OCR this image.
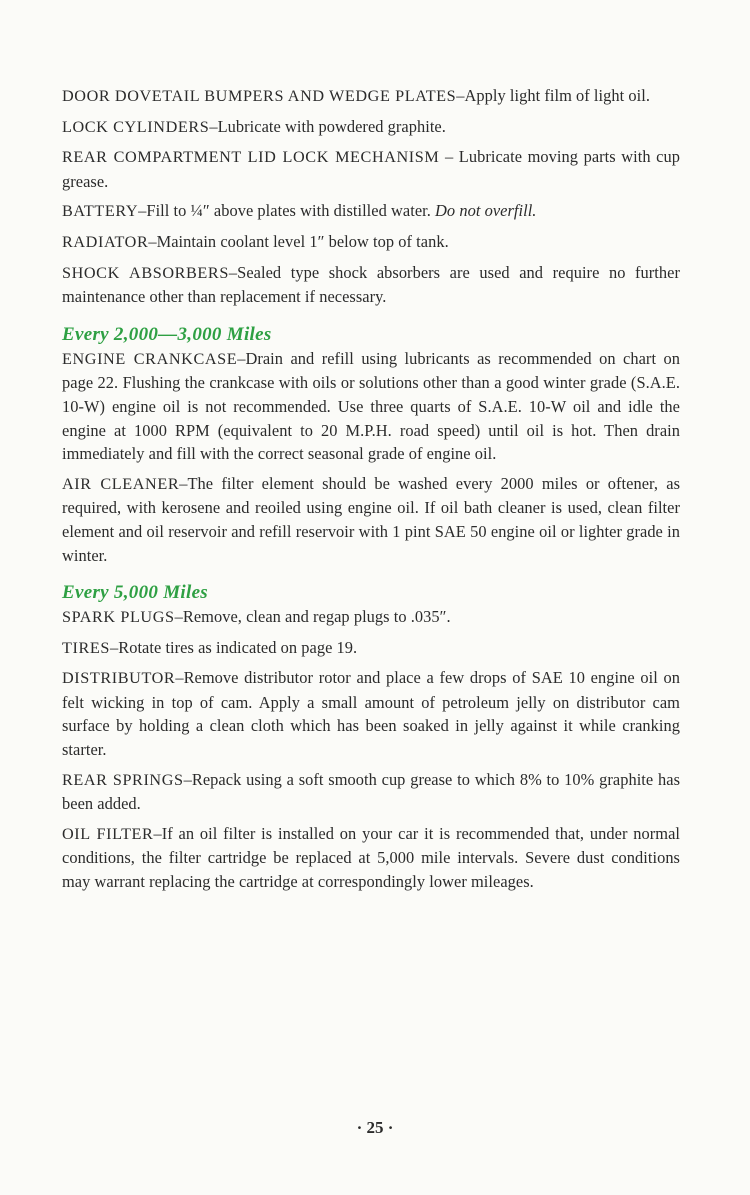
DOOR DOVETAIL BUMPERS AND WEDGE PLATES–Apply light film of light oil.

LOCK CYLINDERS–Lubricate with powdered graphite.

REAR COMPARTMENT LID LOCK MECHANISM – Lubricate moving parts with cup grease.

BATTERY–Fill to ¼″ above plates with distilled water. Do not overfill.

RADIATOR–Maintain coolant level 1″ below top of tank.

SHOCK ABSORBERS–Sealed type shock absorbers are used and require no further maintenance other than replacement if necessary.

Every 2,000—3,000 Miles

ENGINE CRANKCASE–Drain and refill using lubricants as recommended on chart on page 22. Flushing the crankcase with oils or solutions other than a good winter grade (S.A.E. 10-W) engine oil is not recommended. Use three quarts of S.A.E. 10-W oil and idle the engine at 1000 RPM (equivalent to 20 M.P.H. road speed) until oil is hot. Then drain immediately and fill with the correct seasonal grade of engine oil.

AIR CLEANER–The filter element should be washed every 2000 miles or oftener, as required, with kerosene and reoiled using engine oil. If oil bath cleaner is used, clean filter element and oil reservoir and refill reservoir with 1 pint SAE 50 engine oil or lighter grade in winter.

Every 5,000 Miles

SPARK PLUGS–Remove, clean and regap plugs to .035″.

TIRES–Rotate tires as indicated on page 19.

DISTRIBUTOR–Remove distributor rotor and place a few drops of SAE 10 engine oil on felt wicking in top of cam. Apply a small amount of petroleum jelly on distributor cam surface by holding a clean cloth which has been soaked in jelly against it while cranking starter.

REAR SPRINGS–Repack using a soft smooth cup grease to which 8% to 10% graphite has been added.

OIL FILTER–If an oil filter is installed on your car it is recommended that, under normal conditions, the filter cartridge be replaced at 5,000 mile intervals. Severe dust conditions may warrant replacing the cartridge at correspondingly lower mileages.

· 25 ·
